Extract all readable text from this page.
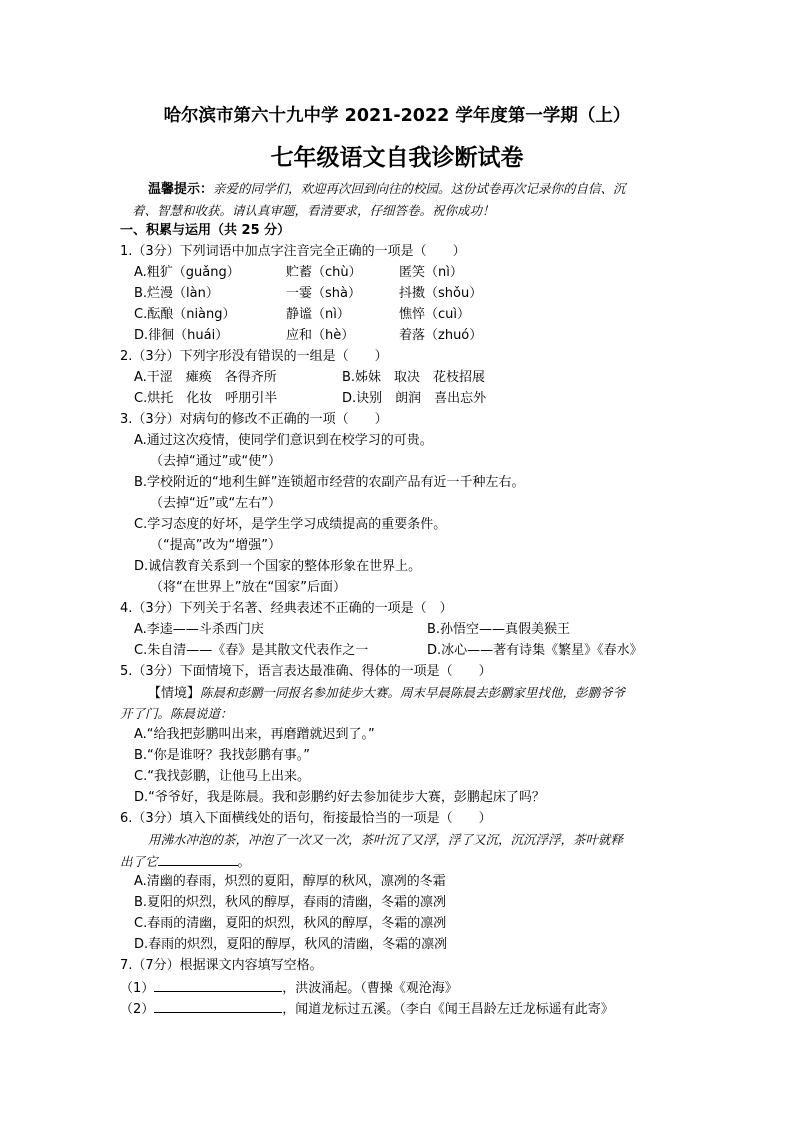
哈尔滨市第六十九中学 2021-2022 学年度第一学期（上）
七年级语文自我诊断试卷
温馨提示：亲爱的同学们，欢迎再次回到向往的校园。这份试卷再次记录你的自信、沉
着、智慧和收获。请认真审题，看清要求，仔细答卷。祝你成功！
一、积累与运用（共 25 分）
1.（3分）下列词语中加点字注音完全正确的一项是（　　）
A.粗犷（guǎng）	贮蓄（chù）	匿笑（nì）
B.烂漫（làn）	一霎（shà）	抖擞（shǒu）
C.酝酿（niàng）	静谧（nì）	憔悴（cuì）
D.徘徊（huái）	应和（hè）	着落（zhuó）
2.（3分）下列字形没有错误的一组是（　　）
A.干涩　瘫痪　各得齐所	B.姊妹　取决　花枝招展
C.烘托　化妆　呼朋引半	D.诀别　朗润　喜出忘外
3.（3分）对病句的修改不正确的一项（　　）
A.通过这次疫情，使同学们意识到在校学习的可贵。
（去掉“通过”或“使”）
B.学校附近的“地利生鲜”连锁超市经营的农副产品有近一千种左右。
（去掉“近”或“左右”）
C.学习态度的好坏，是学生学习成绩提高的重要条件。
（“提高”改为“增强”）
D.诚信教育关系到一个国家的整体形象在世界上。
（将“在世界上”放在“国家”后面）
4.（3分）下列关于名著、经典表述不正确的一项是（　）
A.李逵——斗杀西门庆	B.孙悟空——真假美猴王
C.朱自清——《春》是其散文代表作之一	D.冰心——著有诗集《繁星》《春水》
5.（3分）下面情境下，语言表达最准确、得体的一项是（　　）
【情境】陈晨和彭鹏一同报名参加徒步大赛。周末早晨陈晨去彭鹏家里找他，彭鹏爷爷
开了门。陈晨说道：
A.“给我把彭鹏叫出来，再磨蹭就迟到了。”
B.“你是谁呀？我找彭鹏有事。”
C.“我找彭鹏，让他马上出来。
D.“爷爷好，我是陈晨。我和彭鹏约好去参加徒步大赛，彭鹏起床了吗？
6.（3分）填入下面横线处的语句，衔接最恰当的一项是（　　）
用沸水冲泡的茶，冲泡了一次又一次，茶叶沉了又浮，浮了又沉，沉沉浮浮，茶叶就释
出了它	。
A.清幽的春雨，炽烈的夏阳，醇厚的秋风，凛冽的冬霜
B.夏阳的炽烈，秋风的醇厚，春雨的清幽，冬霜的凛冽
C.春雨的清幽，夏阳的炽烈，秋风的醇厚，冬霜的凛冽
D.春雨的炽烈，夏阳的醇厚，秋风的清幽，冬霜的凛冽
7.（7分）根据课文内容填写空格。
（1）	，洪波涌起。（曹操《观沧海》
（2）	，闻道龙标过五溪。（李白《闻王昌龄左迁龙标遥有此寄》
